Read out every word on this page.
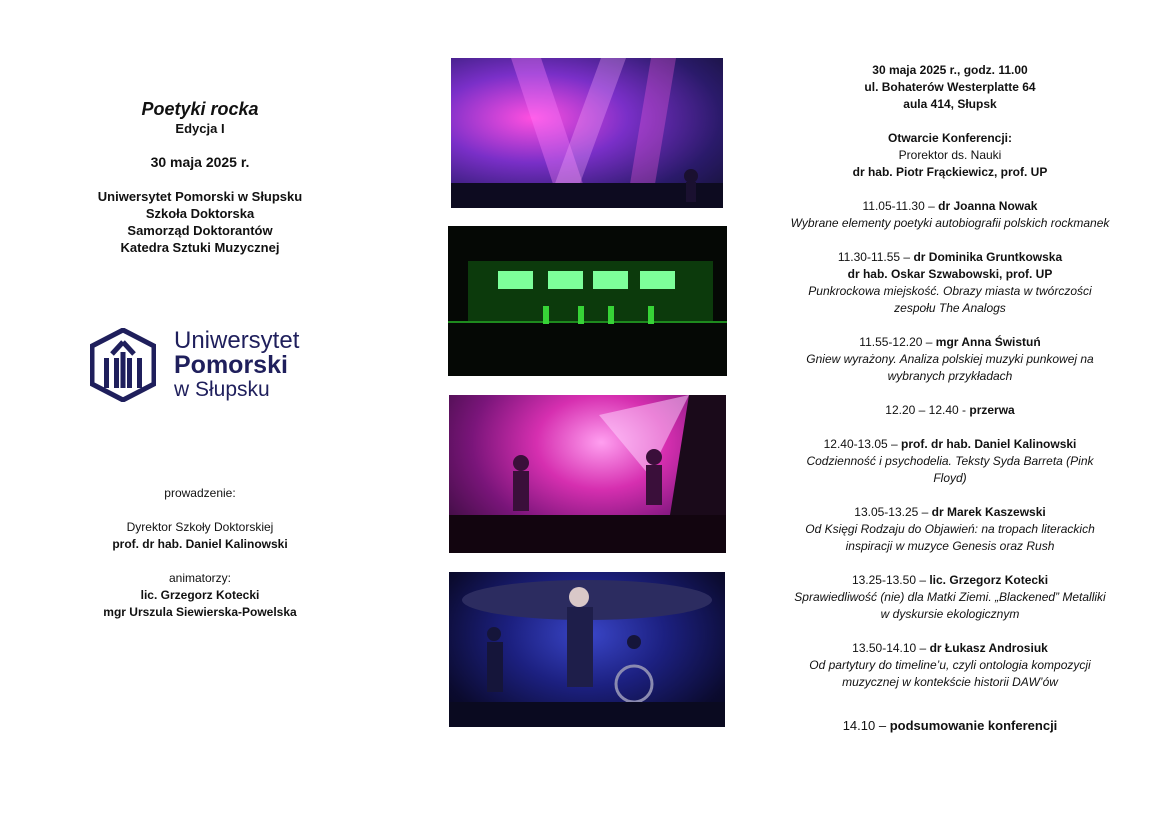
Poetyki rocka
Edycja I
30 maja 2025 r.
Uniwersytet Pomorski w Słupsku
Szkoła Doktorska
Samorząd Doktorantów
Katedra Sztuki Muzycznej
Uniwersytet
Pomorski
w Słupsku
prowadzenie:
Dyrektor Szkoły Doktorskiej
prof. dr hab. Daniel Kalinowski
animatorzy:
lic. Grzegorz Kotecki
mgr Urszula Siewierska-Powelska
30 maja 2025 r., godz. 11.00
ul. Bohaterów Westerplatte 64
aula 414, Słupsk
Otwarcie Konferencji:
Prorektor ds. Nauki
dr hab. Piotr Frąckiewicz, prof. UP
11.05-11.30 – dr Joanna Nowak
Wybrane elementy poetyki autobiografii polskich rockmanek
11.30-11.55 – dr Dominika Gruntkowska
dr hab. Oskar Szwabowski, prof. UP
Punkrockowa miejskość. Obrazy miasta w twórczości zespołu The Analogs
11.55-12.20 – mgr Anna Świstuń
Gniew wyrażony. Analiza polskiej muzyki punkowej na wybranych przykładach
12.20 – 12.40 - przerwa
12.40-13.05 – prof. dr hab. Daniel Kalinowski
Codzienność i psychodelia. Teksty Syda Barreta (Pink Floyd)
13.05-13.25 – dr Marek Kaszewski
Od Księgi Rodzaju do Objawień: na tropach literackich inspiracji w muzyce Genesis oraz Rush
13.25-13.50 – lic. Grzegorz Kotecki
Sprawiedliwość (nie) dla Matki Ziemi. „Blackened” Metalliki w dyskursie ekologicznym
13.50-14.10 – dr Łukasz Androsiuk
Od partytury do timeline’u, czyli ontologia kompozycji muzycznej w kontekście historii DAW’ów
14.10 – podsumowanie konferencji
